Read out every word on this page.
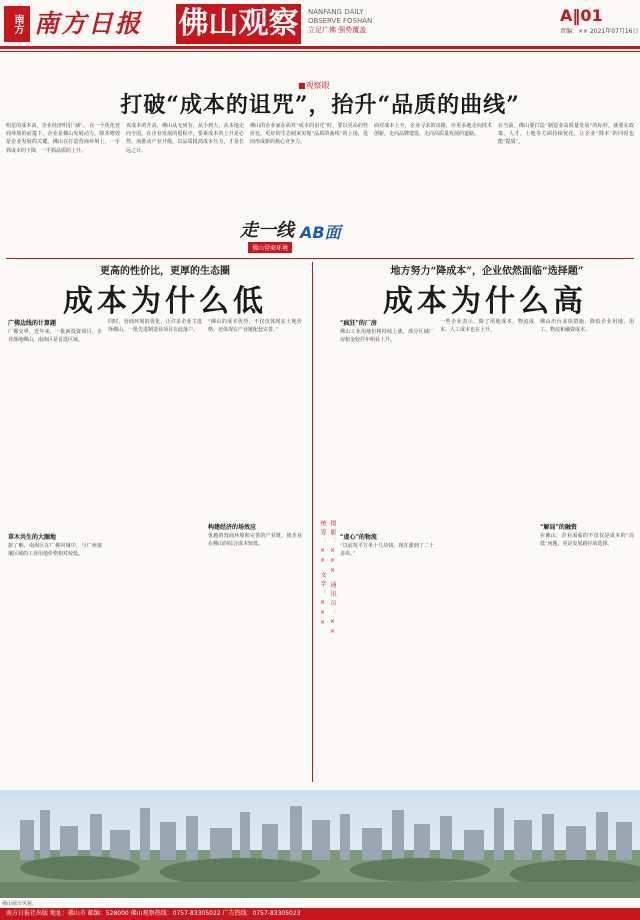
南方 南方日报	佛山观察	NANFANG DAILY
OBSERVE FOSHAN
立足广佛 强势覆盖
A‖01
责编：×× 2021年07月16日
■观察眼
打破“成本的诅咒”，抬升“品质的曲线”
明星的成本高，企业经济明星“减”。 在一个优化营商环境的前提下，企业是佛山发展动力，降本增效是企业发展的关键。佛山在打造营商环境上，一手抓成本的下降，一手抓品质的上升。
该成本的升高，佛山从无到有，从小到大，从本地走向全国。在企业发展的进程中，要素成本的上升是必然，而推动产业升级，以品质抵消成本压力，才是长远之计。
佛山的企业家在面对“成本的诅咒”时，要以更高的性价比、更好的生态圈来实现“品质的曲线”的上扬，进而形成新的核心竞争力。
面对成本上升，企业寻求的出路，应更多地走向技术创新，走向品牌建设，走向高质量发展的道路。
在当前，佛山要打造“制造业高质量发展”的标杆，就要在政策、人才、土地等方面持续优化，让企业“降本”的同时也能“提质”。
走一线 AB面
佛山营商环境
更高的性价比，更厚的生态圈
成本为什么低
广佛边线的计算题
广佛交界，近年来，一批新投资项目，企业落地佛山，南海区是首选区域。
草木共生的大圈地
据了解，南海区在广佛同城中，与广州接壤区域的工业用地价格相对较低。
同时，营商环境的优化，让许多企业主选择佛山，一批先进制造业项目在此落户。
“佛山的成本优势，不仅仅体现在土地价格，还体现在产业链配套完善。”
构建经济的场效应
优越的营商环境和完善的产业链，使企业在佛山的综合成本较低。	统筹：×× 文字：×××
地方努力“降成本”，企业依然面临“选择题”
成本为什么高
“疯狂”的厂房
佛山工业用地价格持续上涨，部分区域厂房租金较往年明显上升。
“虚心”的物流
“以前每平方米十几块钱，现在涨到了二十多块。”
一些企业表示，除了用地成本，物流成本、人工成本也在上升。
佛山出台多项措施，降低企业用地、用工、物流和融资成本。
“解局”的融资
在佛山，企业面临的不仅仅是成本的“高低”问题，更是发展路径的选择。
摄影：××× 通讯员：××
佛山城市风貌。
南方日报社出版 地址：佛山市 邮编：528000 佛山观察热线：0757-83305022 广告热线：0757-83305023
